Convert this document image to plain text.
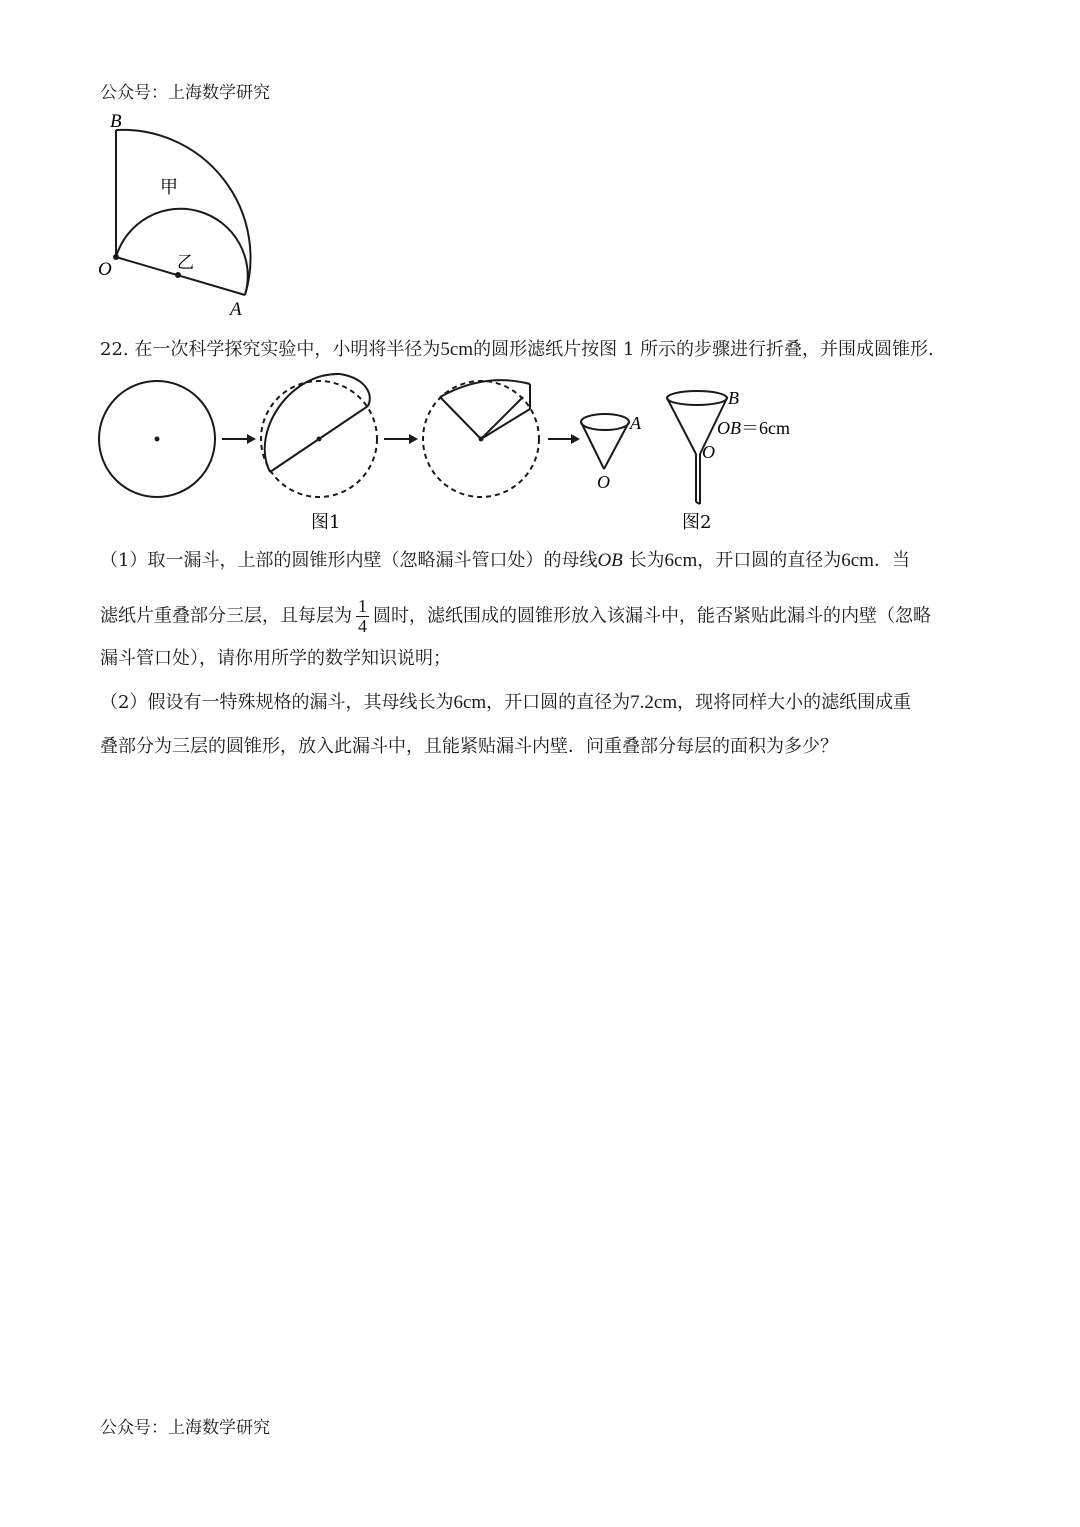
公众号：上海数学研究
B
O
A
甲
乙
22. 在一次科学探究实验中，小明将半径为5cm的圆形滤纸片按图 1 所示的步骤进行折叠，并围成圆锥形.
A
O
B
O
OB＝6cm
图1	图2
（1）取一漏斗，上部的圆锥形内壁（忽略漏斗管口处）的母线OB 长为6cm，开口圆的直径为6cm．当
滤纸片重叠部分三层，且每层为 $\frac{1}{4}$ 圆时，滤纸围成的圆锥形放入该漏斗中，能否紧贴此漏斗的内壁（忽略
漏斗管口处），请你用所学的数学知识说明；
（2）假设有一特殊规格的漏斗，其母线长为6cm，开口圆的直径为7.2cm，现将同样大小的滤纸围成重
叠部分为三层的圆锥形，放入此漏斗中，且能紧贴漏斗内壁．问重叠部分每层的面积为多少？
公众号：上海数学研究
